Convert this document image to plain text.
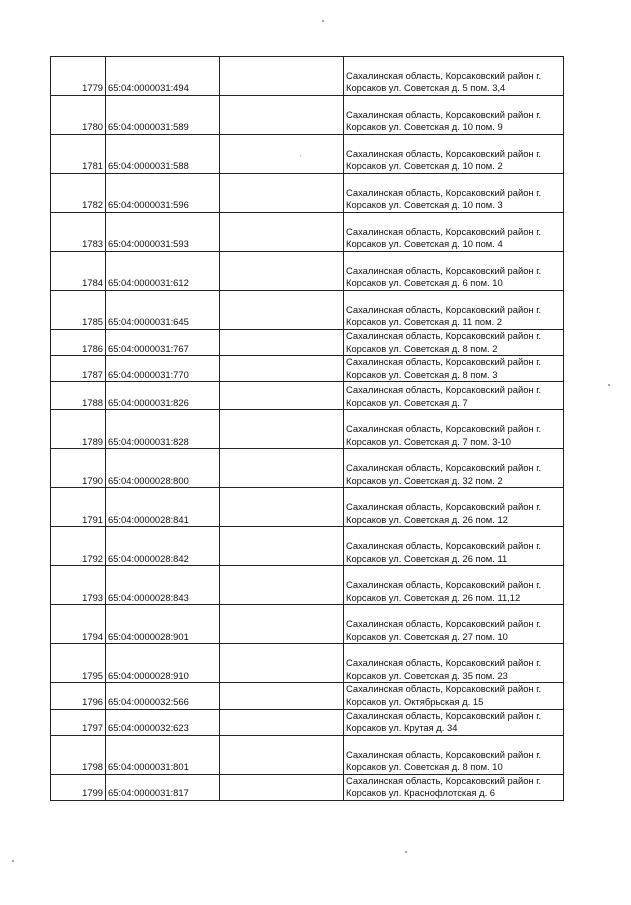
1779	65:04:0000031:494		Сахалинская область, Корсаковский район г.
Корсаков ул. Советская д. 5 пом. 3,4

1780	65:04:0000031:589		Сахалинская область, Корсаковский район г.
Корсаков ул. Советская д. 10 пом. 9

1781	65:04:0000031:588		Сахалинская область, Корсаковский район г.
Корсаков ул. Советская д. 10 пом. 2

1782	65:04:0000031:596		Сахалинская область, Корсаковский район г.
Корсаков ул. Советская д. 10 пом. 3

1783	65:04:0000031:593		Сахалинская область, Корсаковский район г.
Корсаков ул. Советская д. 10 пом. 4

1784	65:04:0000031:612		Сахалинская область, Корсаковский район г.
Корсаков ул. Советская д. 6 пом. 10

1785	65:04:0000031:645		Сахалинская область, Корсаковский район г.
Корсаков ул. Советская д. 11 пом. 2

1786	65:04:0000031:767		Сахалинская область, Корсаковский район г.
Корсаков ул. Советская д. 8 пом. 2

1787	65:04:0000031:770		Сахалинская область, Корсаковский район г.
Корсаков ул. Советская д. 8 пом. 3

1788	65:04:0000031:826		Сахалинская область, Корсаковский район г.
Корсаков ул. Советская д. 7

1789	65:04:0000031:828		Сахалинская область, Корсаковский район г.
Корсаков ул. Советская д. 7 пом. 3-10

1790	65:04:0000028:800		Сахалинская область, Корсаковский район г.
Корсаков ул. Советская д. 32 пом. 2

1791	65:04:0000028:841		Сахалинская область, Корсаковский район г.
Корсаков ул. Советская д. 26 пом. 12

1792	65:04:0000028:842		Сахалинская область, Корсаковский район г.
Корсаков ул. Советская д. 26 пом. 11

1793	65:04:0000028:843		Сахалинская область, Корсаковский район г.
Корсаков ул. Советская д. 26 пом. 11,12

1794	65:04:0000028:901		Сахалинская область, Корсаковский район г.
Корсаков ул. Советская д. 27 пом. 10

1795	65:04:0000028:910		Сахалинская область, Корсаковский район г.
Корсаков ул. Советская д. 35 пом. 23

1796	65:04:0000032:566		Сахалинская область, Корсаковский район г.
Корсаков ул. Октябрьская д. 15

1797	65:04:0000032:623		Сахалинская область, Корсаковский район г.
Корсаков ул. Крутая д. 34

1798	65:04:0000031:801		Сахалинская область, Корсаковский район г.
Корсаков ул. Советская д. 8 пом. 10

1799	65:04:0000031:817		Сахалинская область, Корсаковский район г.
Корсаков ул. Краснофлотская д. 6
